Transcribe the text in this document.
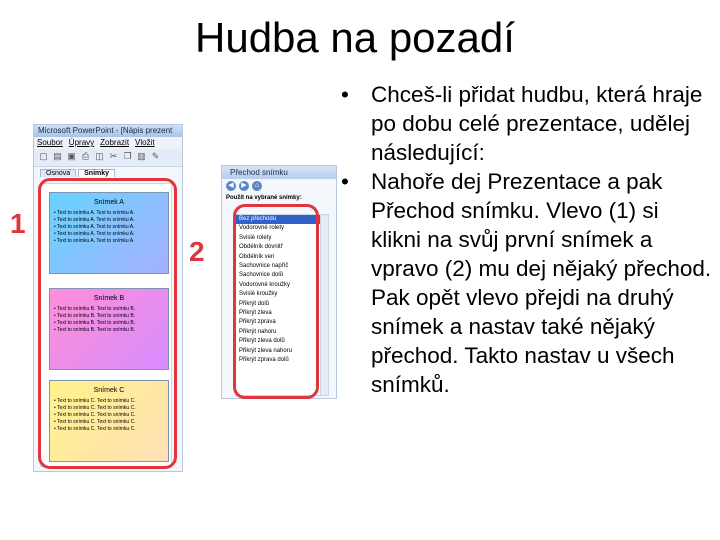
Hudba na pozadí
Microsoft PowerPoint - [Nápis prezent
Soubor Úpravy Zobrazit Vložit
▢ ▤ ▣ ⎙ ◫ ✂ ❐ ▥ ✎
Osnova	Snímky
Snímek A
• Text to snímku A. Text to snímku A.
• Text to snímku A. Text to snímku A.
• Text to snímku A. Text to snímku A.
• Text to snímku A. Text to snímku A.
• Text to snímku A. Text to snímku A.
Snímek B
• Text to snímku B. Text to snímku B.
• Text to snímku B. Text to snímku B.
• Text to snímku B. Text to snímku B.
• Text to snímku B. Text to snímku B.
Snímek C
• Text to snímku C. Text to snímku C.
• Text to snímku C. Text to snímku C.
• Text to snímku C. Text to snímku C.
• Text to snímku C. Text to snímku C.
• Text to snímku C. Text to snímku C.
1
2
Přechod snímku
◀	▶	⌂
Použít na vybrané snímky:
Bez přechodu
Vodorovné rolety
Svislé rolety
Obdélník dovnitř
Obdélník ven
Šachovnice napříč
Šachovnice dolů
Vodorovné kroužky
Svislé kroužky
Přikrýt dolů
Přikrýt zleva
Přikrýt zprava
Přikrýt nahoru
Přikrýt zleva dolů
Přikrýt zleva nahoru
Přikrýt zprava dolů

• Chceš-li přidat hudbu, která hraje po dobu celé prezentace, udělej následující:

• Nahoře dej Prezentace a pak Přechod snímku. Vlevo (1) si klikni na svůj první snímek a vpravo (2) mu dej nějaký přechod. Pak opět vlevo přejdi na druhý snímek a nastav také nějaký přechod. Takto nastav u všech snímků.
